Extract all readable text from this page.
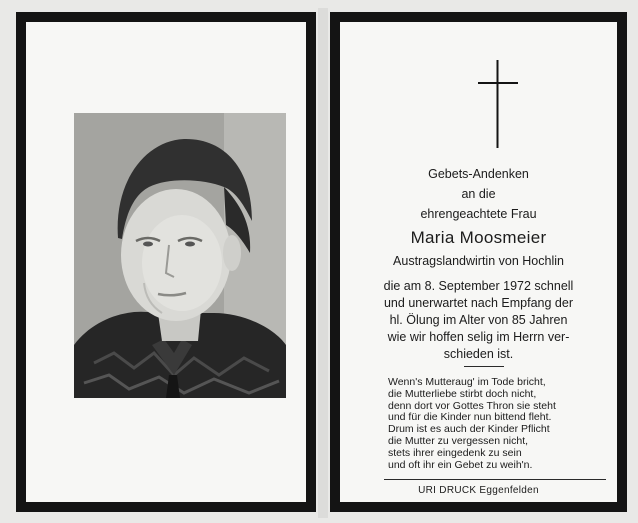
Gebets-Andenken
an die
ehrengeachtete Frau
Maria Moosmeier
Austragslandwirtin von Hochlin
die am 8. September 1972 schnell
und unerwartet nach Empfang der
hl. Ölung im Alter von 85 Jahren
wie wir hoffen selig im Herrn ver-
schieden ist.
Wenn's Mutteraug' im Tode bricht,
die Mutterliebe stirbt doch nicht,
denn dort vor Gottes Thron sie steht
und für die Kinder nun bittend fleht.
Drum ist es auch der Kinder Pflicht
die Mutter zu vergessen nicht,
stets ihrer eingedenk zu sein
und oft ihr ein Gebet zu weih'n.
URI DRUCK Eggenfelden
